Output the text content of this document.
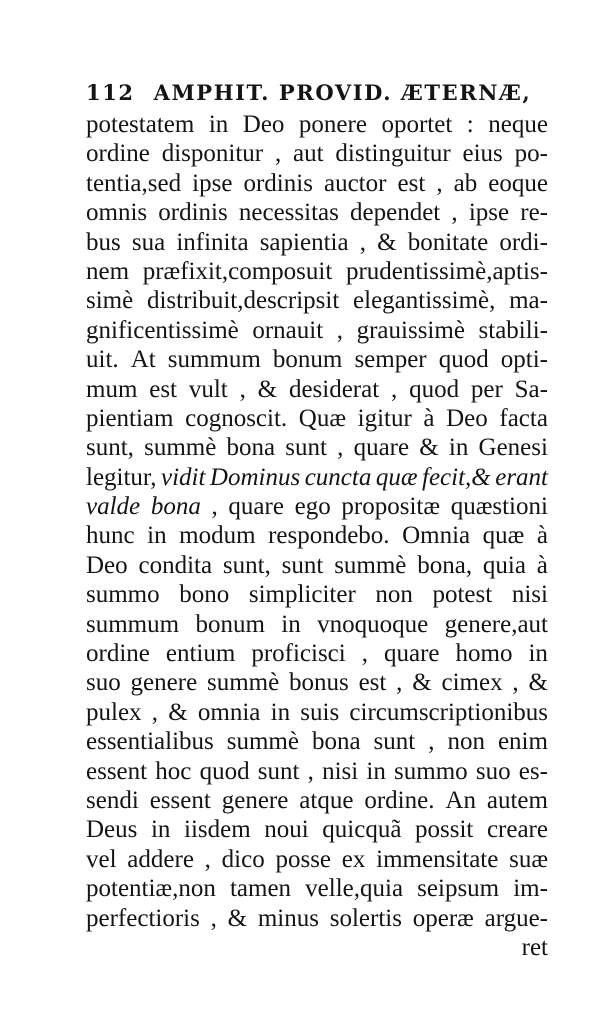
112 AMPHIT. PROVID. ÆTERNÆ,
potestatem in Deo ponere oportet : neque
ordine disponitur , aut distinguitur eius po-
tentia,sed ipse ordinis auctor est , ab eoque
omnis ordinis necessitas dependet , ipse re-
bus sua infinita sapientia , & bonitate ordi-
nem præfixit,composuit prudentissimè,aptis-
simè distribuit,descripsit elegantissimè, ma-
gnificentissimè ornauit , grauissimè stabili-
uit. At summum bonum semper quod opti-
mum est vult , & desiderat , quod per Sa-
pientiam cognoscit. Quæ igitur à Deo facta
sunt, summè bona sunt , quare & in Genesi
legitur, vidit Dominus cuncta quæ fecit,& erant
valde bona , quare ego propositæ quæstioni
hunc in modum respondebo. Omnia quæ à
Deo condita sunt, sunt summè bona, quia à
summo bono simpliciter non potest nisi
summum bonum in vnoquoque genere,aut
ordine entium proficisci , quare homo in
suo genere summè bonus est , & cimex , &
pulex , & omnia in suis circumscriptionibus
essentialibus summè bona sunt , non enim
essent hoc quod sunt , nisi in summo suo es-
sendi essent genere atque ordine. An autem
Deus in iisdem noui quicquã possit creare
vel addere , dico posse ex immensitate suæ
potentiæ,non tamen velle,quia seipsum im-
perfectioris , & minus solertis operæ argue-
ret
